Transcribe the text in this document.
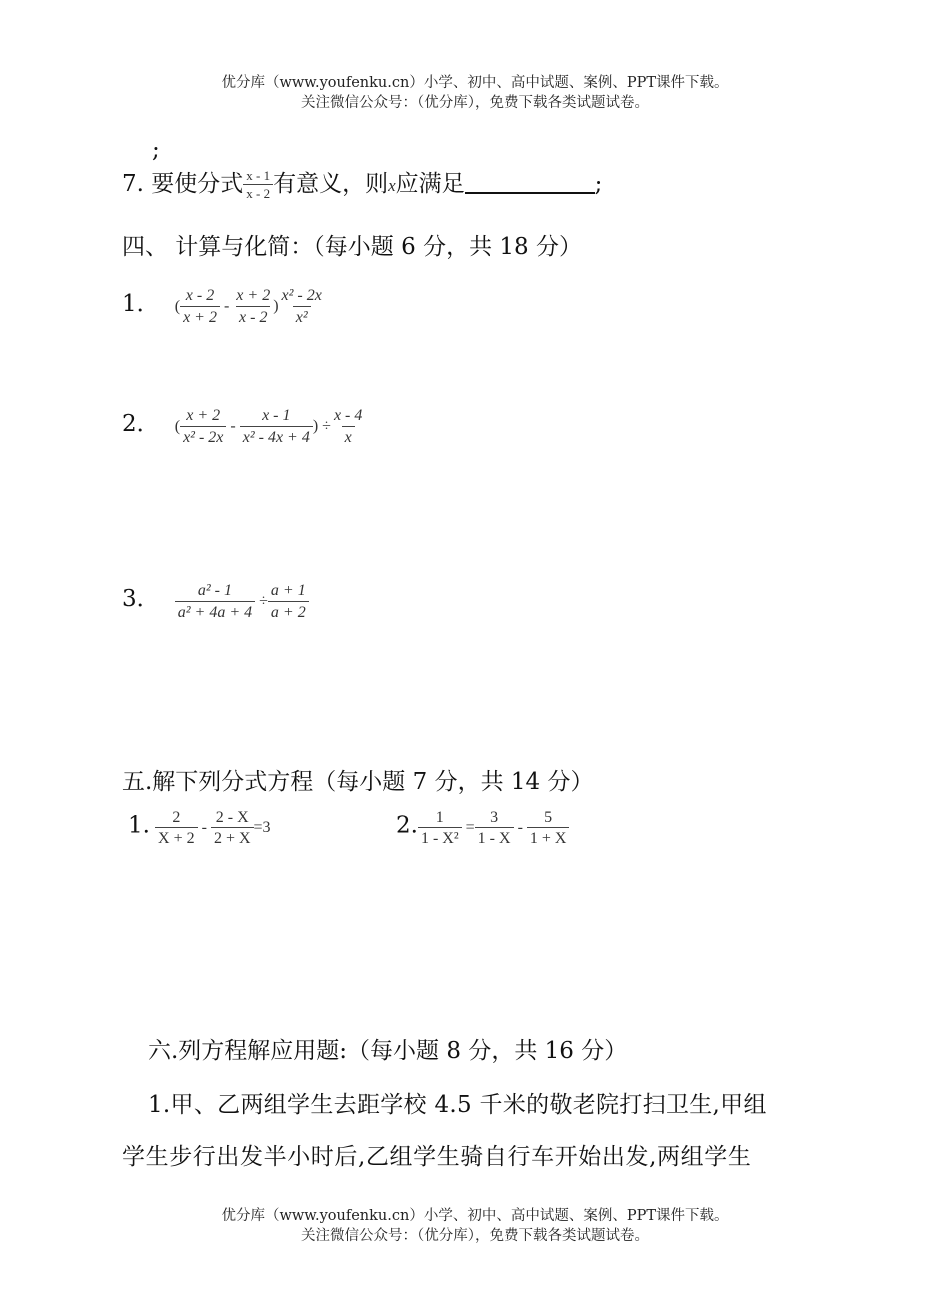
优分库（www.youfenku.cn）小学、初中、高中试题、案例、PPT课件下载。
关注微信公众号：（优分库），免费下载各类试题试卷。
;
7. 要使分式 $\frac{x - 1}{x - 2}$ 有意义，则x应满足	;
四、 计算与化简：（每小题 6 分，共 18 分）
1． ( $\frac{x - 2}{x + 2} - \frac{x + 2}{x - 2}$ ) $\frac{\text{x² - 2x}}{\text{x²}}$
2． ( $\frac{x + 2}{\text{x² - 2x}} - \frac{x - 1}{\text{x² - 4x + 4}}$ ) ÷ $\frac{x - 4}{x}$
3． $\frac{\text{a² - 1}}{\text{a² + 4a + 4}} \div \frac{a + 1}{a + 2}$
五.解下列分式方程（每小题 7 分，共 14 分）
1. $\frac{2}{X + 2} - \frac{2 - X}{2 + X} =3$	2. $\frac{1}{\text{1 - X²}} = \frac{3}{1 - X} - \frac{5}{1 + X}$
六.列方程解应用题:（每小题 8 分，共 16 分）
1.甲、乙两组学生去距学校 4.5 千米的敬老院打扫卫生,甲组
学生步行出发半小时后,乙组学生骑自行车开始出发,两组学生
优分库（www.youfenku.cn）小学、初中、高中试题、案例、PPT课件下载。
关注微信公众号：（优分库），免费下载各类试题试卷。
